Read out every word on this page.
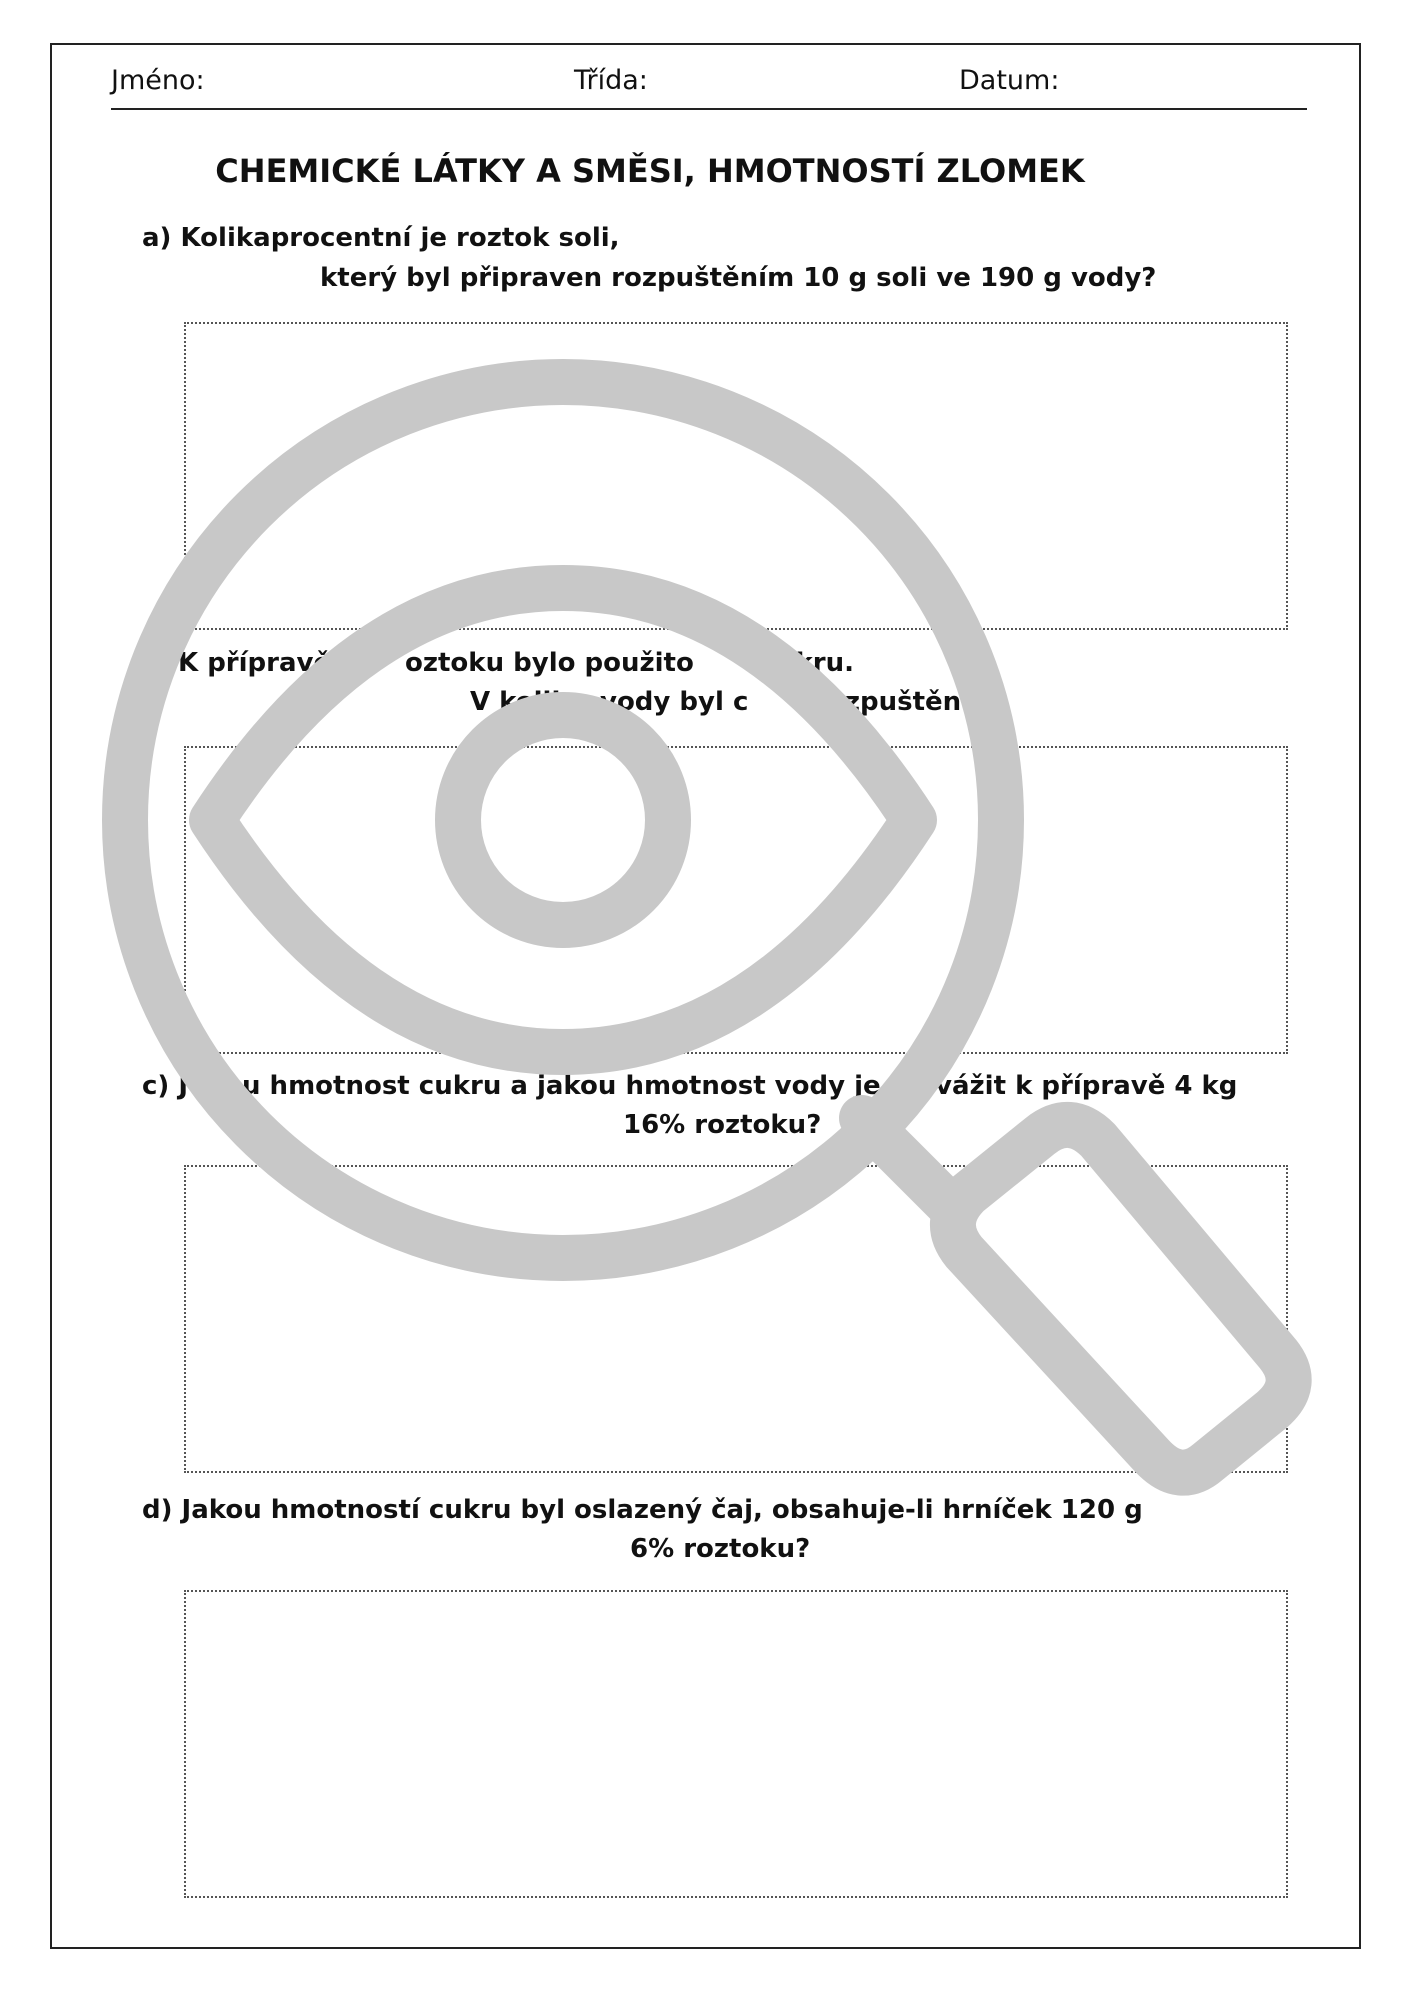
Jméno:	Třída:	Datum:
CHEMICKÉ LÁTKY A SMĚSI, HMOTNOSTÍ ZLOMEK
a) Kolikaprocentní je roztok soli,
který byl připraven rozpuštěním 10 g soli ve 190 g vody?
K přípravě 2 oztoku bylo použito	ukru.
V kolik vody byl c	ozpuštěn?
c) J u hmotnost cukru a jakou hmotnost vody je tř
navážit k přípravě 4 kg
16% roztoku?
d) Jakou hmotností cukru byl oslazený čaj, obsahuje-li hrníček 120 g
6% roztoku?
